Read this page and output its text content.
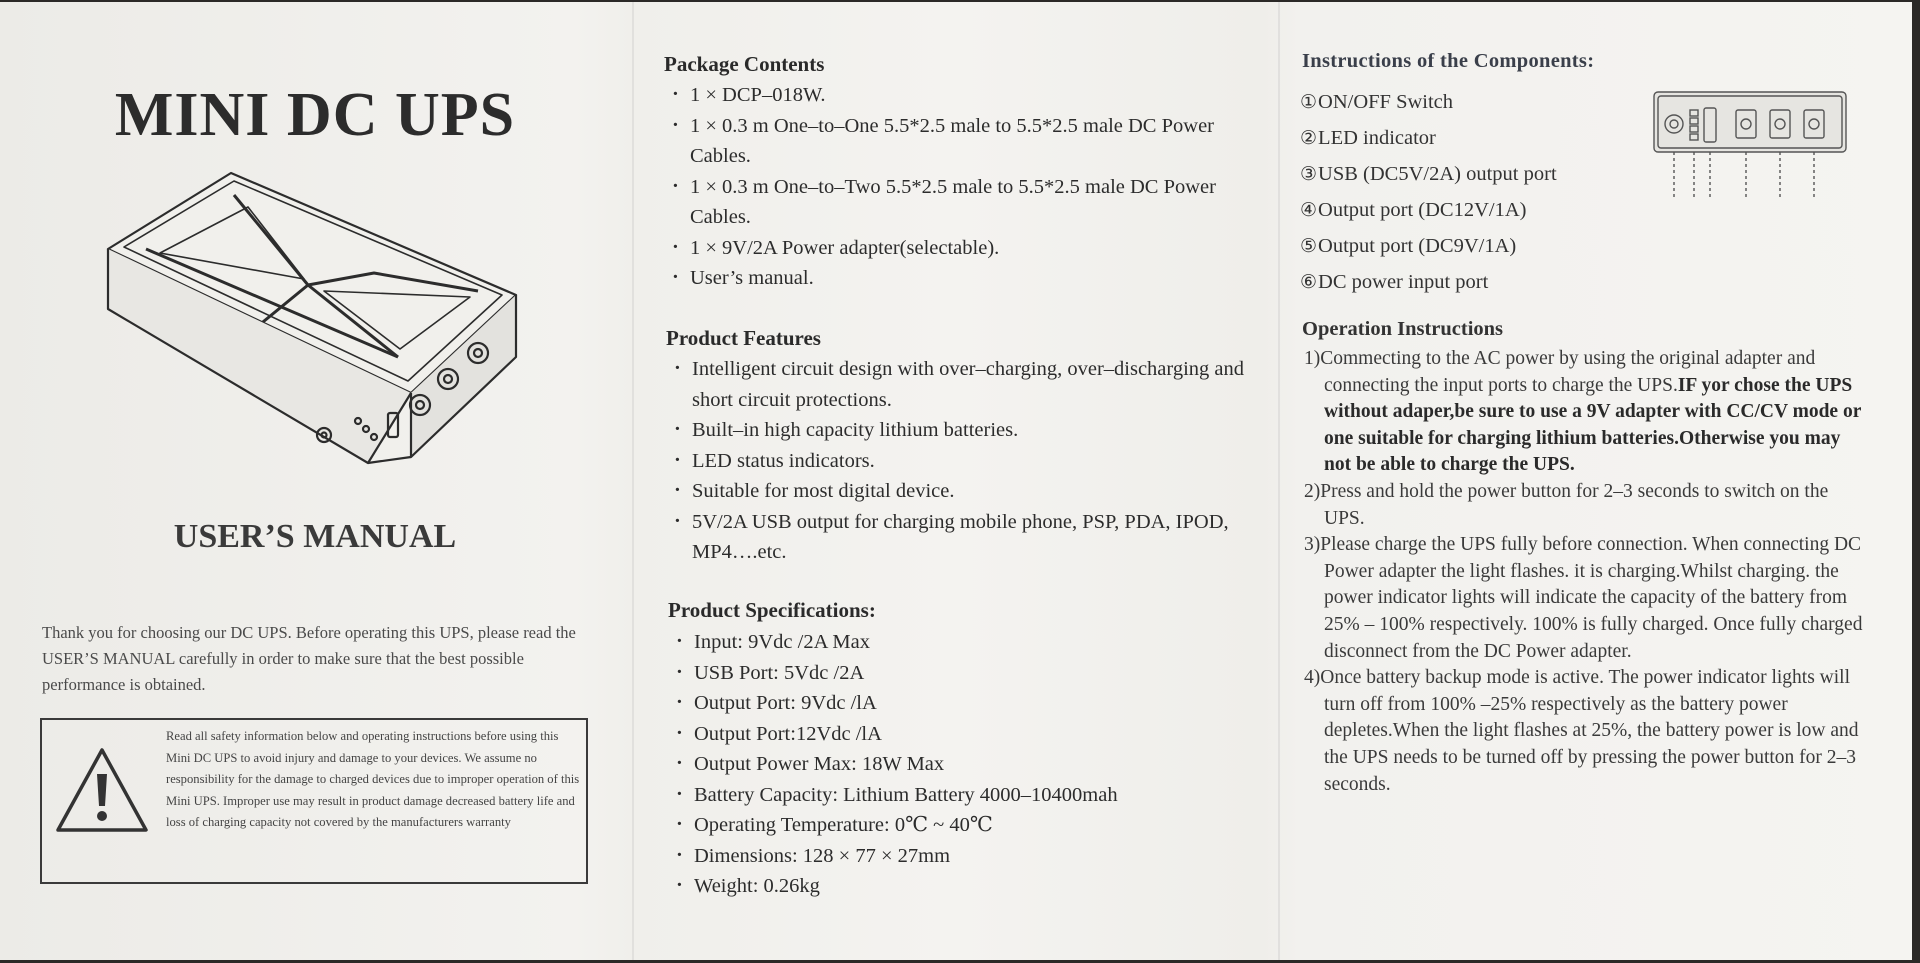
MINI DC UPS
USER’S MANUAL
Thank you for choosing our DC UPS. Before operating this UPS, please read the USER’S MANUAL carefully in order to make sure that the best possible performance is obtained.
Read all safety information below and operating instructions before using this Mini DC UPS to avoid injury and damage to your devices. We assume no responsibility for the damage to charged devices due to improper operation of this Mini UPS. Improper use may result in product damage decreased battery life and loss of charging capacity not covered by the manufacturers warranty
Package Contents
· 1 × DCP–018W.
· 1 × 0.3 m One–to–One 5.5*2.5 male to 5.5*2.5 male DC Power Cables.
· 1 × 0.3 m One–to–Two 5.5*2.5 male to 5.5*2.5 male DC Power Cables.
· 1 × 9V/2A Power adapter(selectable).
· User’s manual.
Product Features
· Intelligent circuit design with over–charging, over–discharging and short circuit protections.
· Built–in high capacity lithium batteries.
· LED status indicators.
· Suitable for most digital device.
· 5V/2A USB output for charging mobile phone, PSP, PDA, IPOD, MP4….etc.
Product Specifications:
· Input: 9Vdc /2A Max
· USB Port: 5Vdc /2A
· Output Port: 9Vdc /lA
· Output Port:12Vdc /lA
· Output Power Max: 18W Max
· Battery Capacity: Lithium Battery 4000–10400mah
· Operating Temperature: 0℃ ~ 40℃
· Dimensions: 128 × 77 × 27mm
· Weight: 0.26kg
Instructions of the Components:
①ON/OFF Switch
②LED indicator
③USB (DC5V/2A) output port
④Output port (DC12V/1A)
⑤Output port (DC9V/1A)
⑥DC power input port
Operation Instructions
1)Commecting to the AC power by using the original adapter and connecting the input ports to charge the UPS.IF yor chose the UPS without adaper,be sure to use a 9V adapter with CC/CV mode or one suitable for charging lithium batteries.Otherwise you may not be able to charge the UPS.
2)Press and hold the power button for 2–3 seconds to switch on the UPS.
3)Please charge the UPS fully before connection. When connecting DC Power adapter the light flashes. it is charging.Whilst charging. the power indicator lights will indicate the capacity of the battery from 25% – 100% respectively. 100% is fully charged. Once fully charged disconnect from the DC Power adapter.
4)Once battery backup mode is active. The power indicator lights will turn off from 100% –25% respectively as the battery power depletes.When the light flashes at 25%, the battery power is low and the UPS needs to be turned off by pressing the power button for 2–3 seconds.
